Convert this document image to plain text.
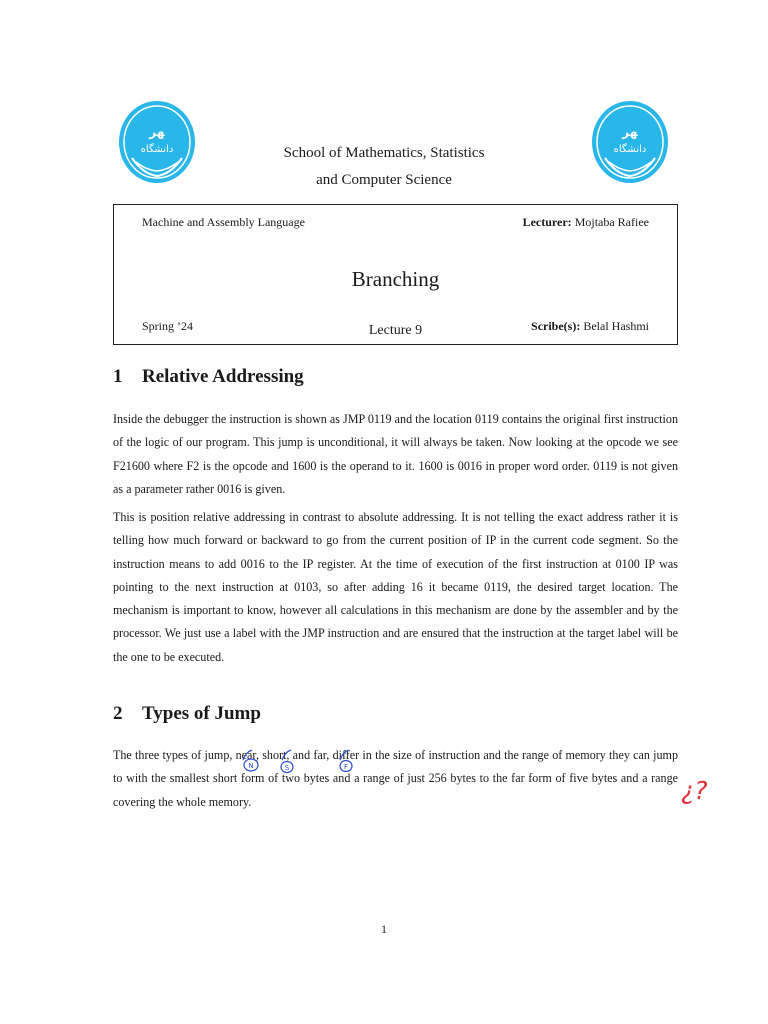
ﻬﺮ
ﺩاﻧﺸﮕﺎﻩ
ﻬﺮ
ﺩاﻧﺸﮕﺎﻩ
School of Mathematics, Statistics
and Computer Science
Machine and Assembly Language	Lecturer: Mojtaba Rafiee
Branching
Spring ’24	Lecture 9	Scribe(s): Belal Hashmi
1 Relative Addressing

Inside the debugger the instruction is shown as JMP 0119 and the location 0119 contains the original first instruction of the logic of our program. This jump is unconditional, it will always be taken. Now looking at the opcode we see F21600 where F2 is the opcode and 1600 is the operand to it. 1600 is 0016 in proper word order. 0119 is not given as a parameter rather 0016 is given.

This is position relative addressing in contrast to absolute addressing. It is not telling the exact address rather it is telling how much forward or backward to go from the current position of IP in the current code segment. So the instruction means to add 0016 to the IP register. At the time of execution of the first instruction at 0100 IP was pointing to the next instruction at 0103, so after adding 16 it became 0119, the desired target location. The mechanism is important to know, however all calculations in this mechanism are done by the assembler and by the processor. We just use a label with the JMP instruction and are ensured that the instruction at the target label will be the one to be executed.

2 Types of Jump

The three types of jump, near, short, and far, differ in the size of instruction and the range of memory they can jump to with the smallest short form of two bytes and a range of just 256 bytes to the far form of five bytes and a range covering the whole memory.

N	S	F
¿?
1
